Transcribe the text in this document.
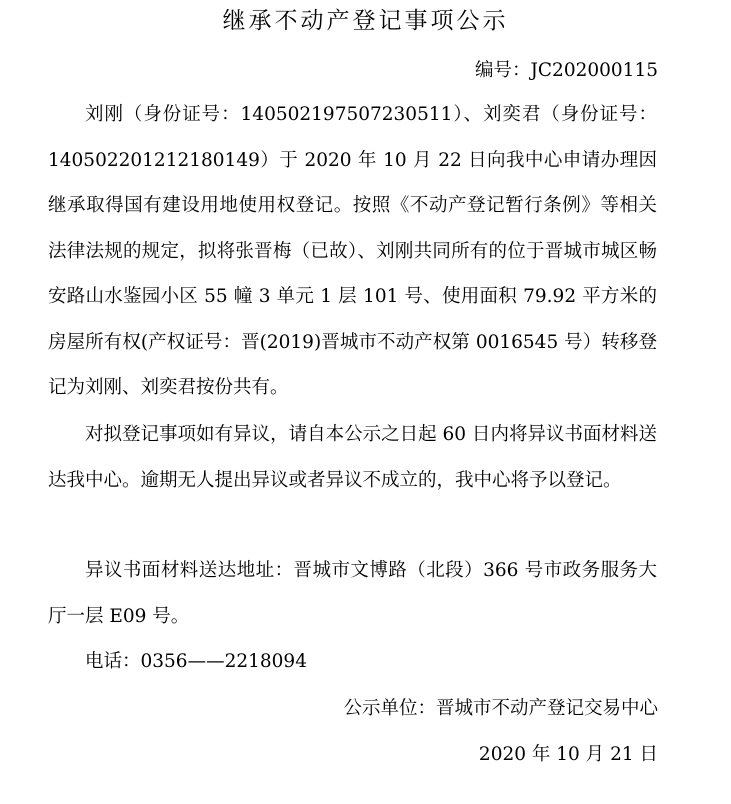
继承不动产登记事项公示
编号：JC202000115

刘刚（身份证号：140502197507230511）、刘奕君（身份证号：140502201212180149）于 2020 年 10 月 22 日向我中心申请办理因继承取得国有建设用地使用权登记。按照《不动产登记暂行条例》等相关法律法规的规定，拟将张晋梅（已故）、刘刚共同所有的位于晋城市城区畅安路山水鉴园小区 55 幢 3 单元 1 层 101 号、使用面积 79.92 平方米的房屋所有权(产权证号：晋(2019)晋城市不动产权第 0016545 号）转移登记为刘刚、刘奕君按份共有。

对拟登记事项如有异议，请自本公示之日起 60 日内将异议书面材料送达我中心。逾期无人提出异议或者异议不成立的，我中心将予以登记。

异议书面材料送达地址：晋城市文博路（北段）366 号市政务服务大厅一层 E09 号。

电话：0356——2218094

公示单位：晋城市不动产登记交易中心
2020 年 10 月 21 日
